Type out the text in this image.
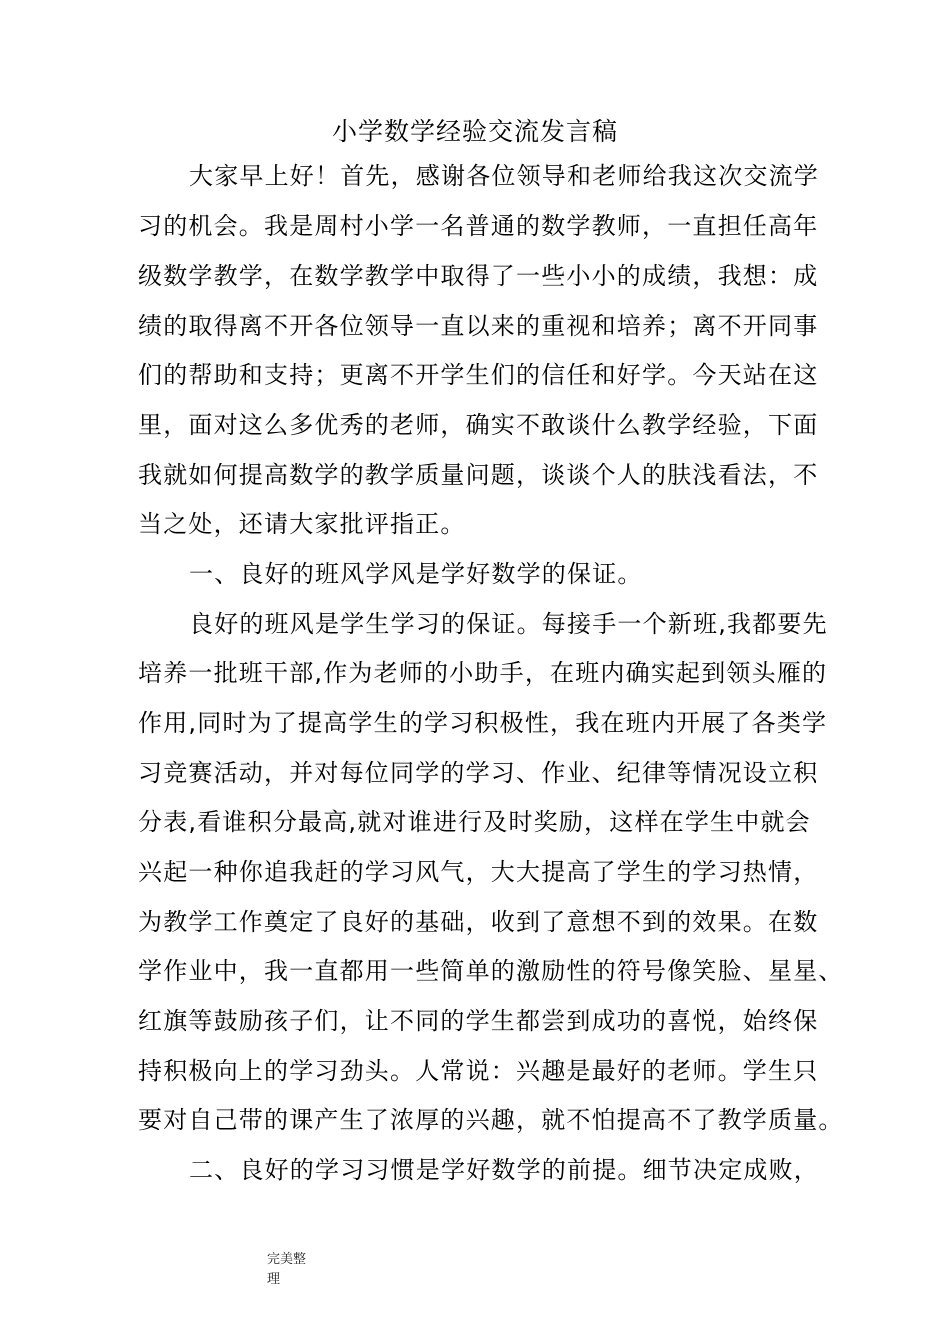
小学数学经验交流发言稿
大家早上好！首先，感谢各位领导和老师给我这次交流学
习的机会。我是周村小学一名普通的数学教师，一直担任高年
级数学教学，在数学教学中取得了一些小小的成绩，我想：成
绩的取得离不开各位领导一直以来的重视和培养；离不开同事
们的帮助和支持；更离不开学生们的信任和好学。今天站在这
里，面对这么多优秀的老师，确实不敢谈什么教学经验，下面
我就如何提高数学的教学质量问题，谈谈个人的肤浅看法，不
当之处，还请大家批评指正。
一、良好的班风学风是学好数学的保证。
良好的班风是学生学习的保证。每接手一个新班,我都要先
培养一批班干部,作为老师的小助手，在班内确实起到领头雁的
作用,同时为了提高学生的学习积极性，我在班内开展了各类学
习竞赛活动，并对每位同学的学习、作业、纪律等情况设立积
分表,看谁积分最高,就对谁进行及时奖励，这样在学生中就会
兴起一种你追我赶的学习风气，大大提高了学生的学习热情，
为教学工作奠定了良好的基础，收到了意想不到的效果。在数
学作业中，我一直都用一些简单的激励性的符号像笑脸、星星、
红旗等鼓励孩子们，让不同的学生都尝到成功的喜悦，始终保
持积极向上的学习劲头。人常说：兴趣是最好的老师。学生只
要对自己带的课产生了浓厚的兴趣，就不怕提高不了教学质量。
二、良好的学习习惯是学好数学的前提。细节决定成败，
完美整
理
